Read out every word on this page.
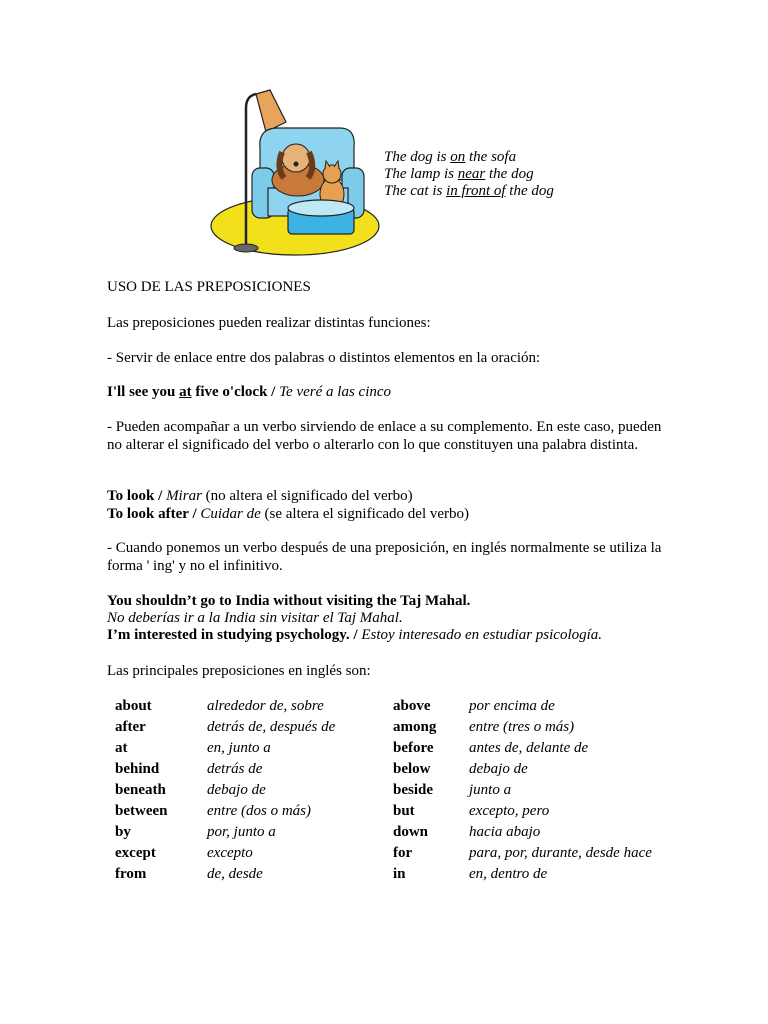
The dog is on the sofa
The lamp is near the dog
The cat is in front of the dog
USO DE LAS PREPOSICIONES
Las preposiciones pueden realizar distintas funciones:
- Servir de enlace entre dos palabras o distintos elementos en la oración:
I'll see you at five o'clock / Te veré a las cinco
- Pueden acompañar a un verbo sirviendo de enlace a su complemento. En este caso, pueden no alterar el significado del verbo o alterarlo con lo que constituyen una palabra distinta.
To look / Mirar (no altera el significado del verbo)
To look after / Cuidar de (se altera el significado del verbo)
- Cuando ponemos un verbo después de una preposición, en inglés normalmente se utiliza la forma ' ing' y no el infinitivo.
You shouldn’t go to India without visiting the Taj Mahal.
No deberías ir a la India sin visitar el Taj Mahal.
I’m interested in studying psychology. / Estoy interesado en estudiar psicología.
Las principales preposiciones en inglés son:
about	alrededor de, sobre	above	por encima de
after	detrás de, después de	among	entre (tres o más)
at	en, junto a	before	antes de, delante de
behind	detrás de	below	debajo de
beneath	debajo de	beside	junto a
between	entre (dos o más)	but	excepto, pero
by	por, junto a	down	hacia abajo
except	excepto	for	para, por, durante, desde hace
from	de, desde	in	en, dentro de
